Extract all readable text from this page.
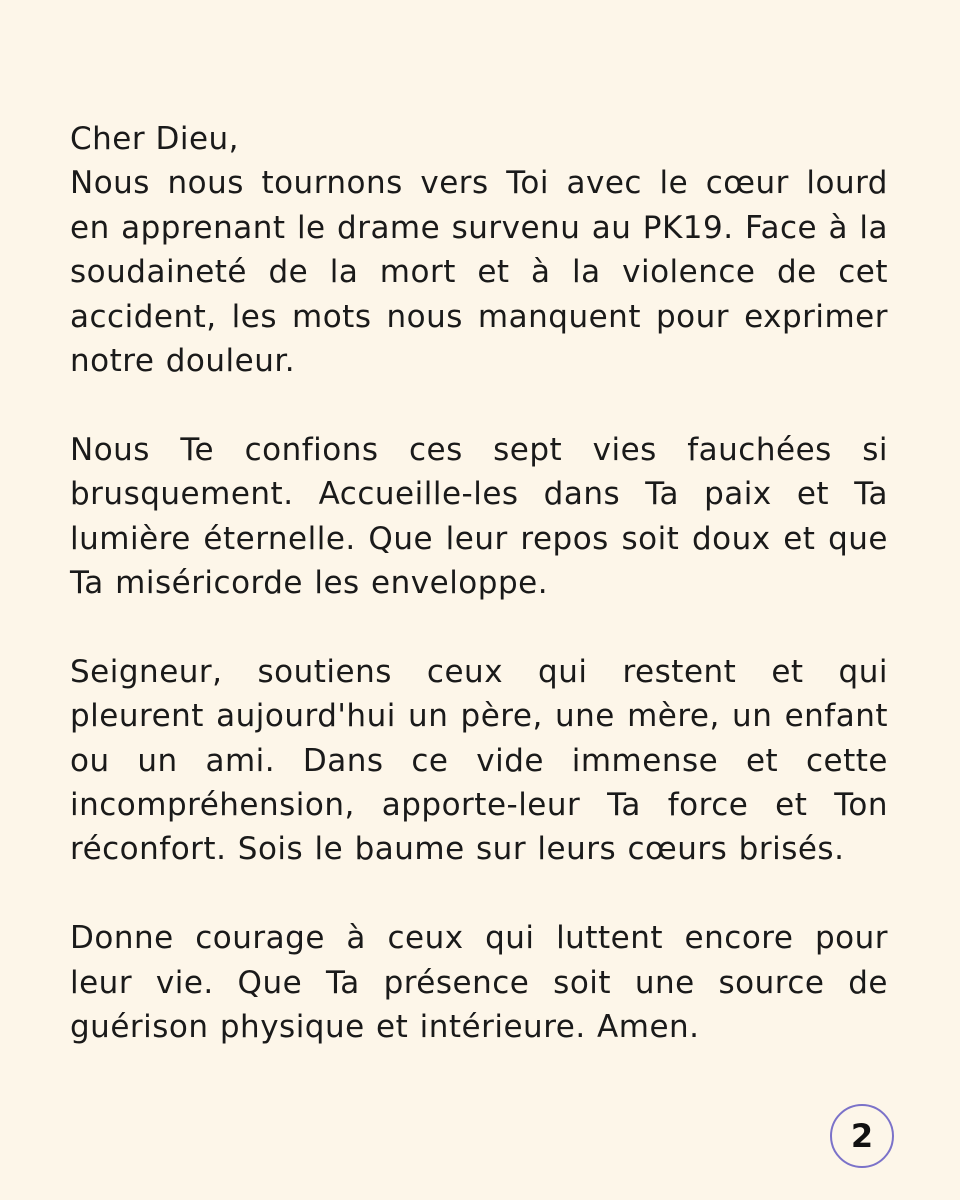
Cher Dieu,

Nous nous tournons vers Toi avec le cœur lourd en apprenant le drame survenu au PK19. Face à la soudaineté de la mort et à la violence de cet accident, les mots nous manquent pour exprimer notre douleur.

Nous Te confions ces sept vies fauchées si brusquement. Accueille-les dans Ta paix et Ta lumière éternelle. Que leur repos soit doux et que Ta miséricorde les enveloppe.

Seigneur, soutiens ceux qui restent et qui pleurent aujourd'hui un père, une mère, un enfant ou un ami. Dans ce vide immense et cette incompréhension, apporte-leur Ta force et Ton réconfort. Sois le baume sur leurs cœurs brisés.

Donne courage à ceux qui luttent encore pour leur vie. Que Ta présence soit une source de guérison physique et intérieure. Amen.

2
